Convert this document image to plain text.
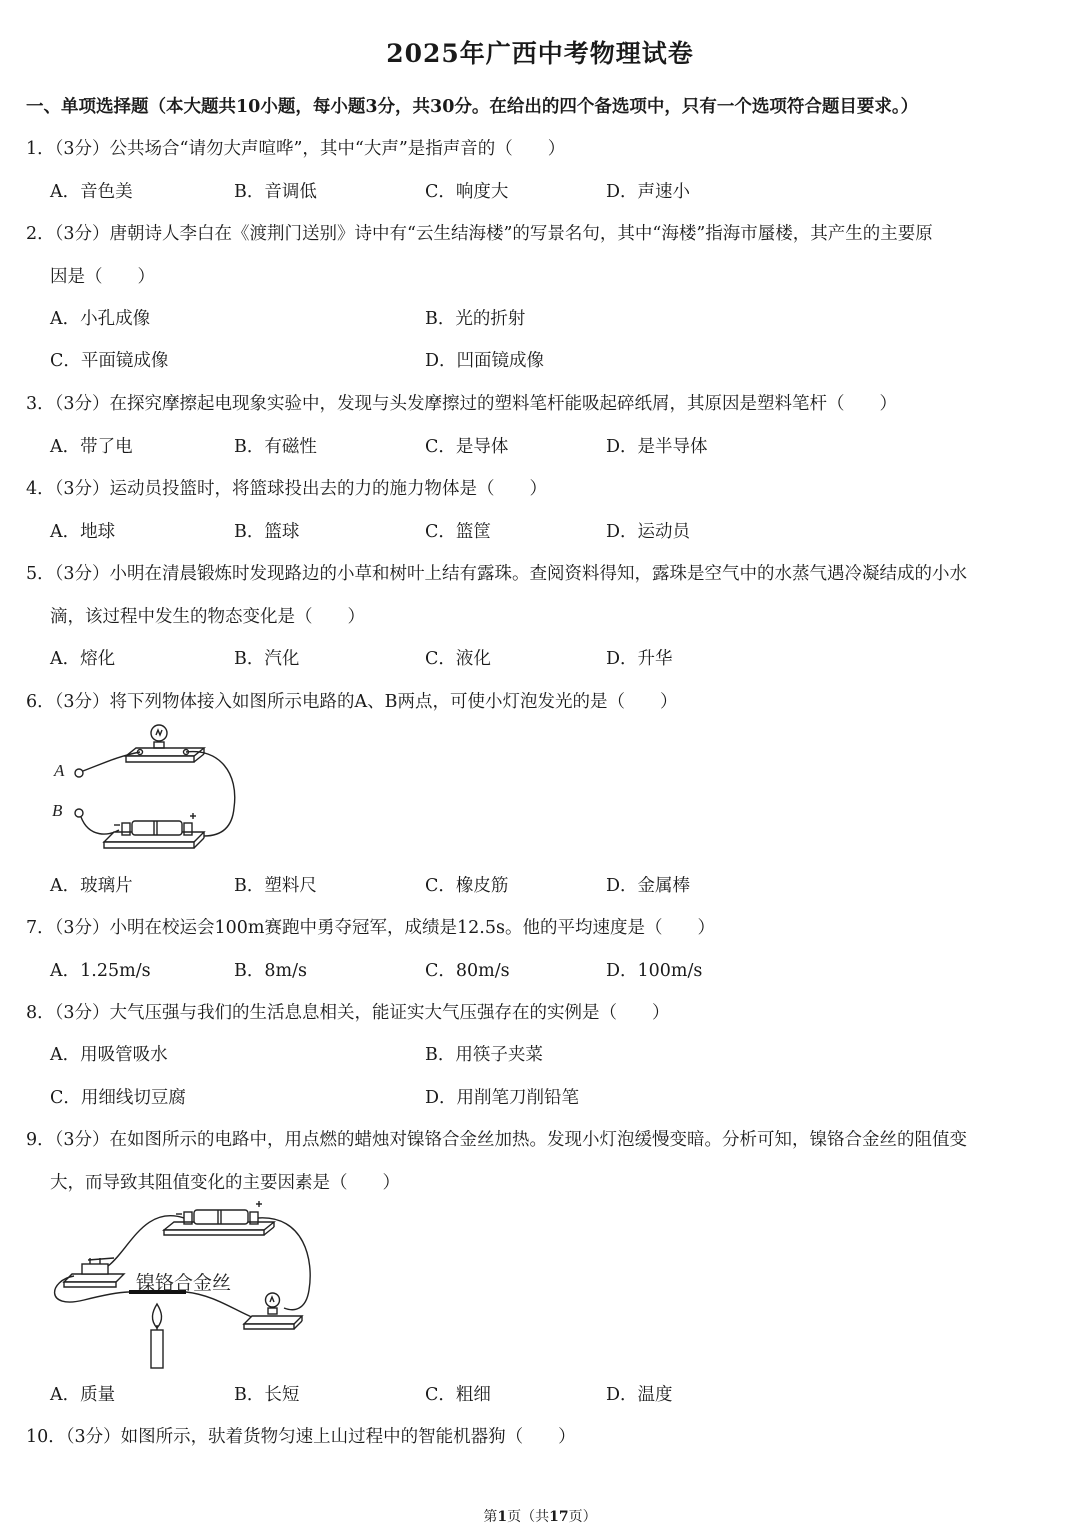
2025年广西中考物理试卷
一、单项选择题（本大题共10小题，每小题3分，共30分。在给出的四个备选项中，只有一个选项符合题目要求。）
1．（3分）公共场合“请勿大声喧哗”，其中“大声”是指声音的（　　）
A．音色美	B．音调低	C．响度大	D．声速小
2．（3分）唐朝诗人李白在《渡荆门送别》诗中有“云生结海楼”的写景名句，其中“海楼”指海市蜃楼，其产生的主要原
因是（　　）
A．小孔成像	B．光的折射
C．平面镜成像	D．凹面镜成像
3．（3分）在探究摩擦起电现象实验中，发现与头发摩擦过的塑料笔杆能吸起碎纸屑，其原因是塑料笔杆（　　）
A．带了电	B．有磁性	C．是导体	D．是半导体
4．（3分）运动员投篮时，将篮球投出去的力的施力物体是（　　）
A．地球	B．篮球	C．篮筐	D．运动员
5．（3分）小明在清晨锻炼时发现路边的小草和树叶上结有露珠。查阅资料得知，露珠是空气中的水蒸气遇冷凝结成的小水
滴，该过程中发生的物态变化是（　　）
A．熔化	B．汽化	C．液化	D．升华
6．（3分）将下列物体接入如图所示电路的A、B两点，可使小灯泡发光的是（　　）
A
B
A．玻璃片	B．塑料尺	C．橡皮筋	D．金属棒
7．（3分）小明在校运会100m赛跑中勇夺冠军，成绩是12.5s。他的平均速度是（　　）
A．1.25m/s	B．8m/s	C．80m/s	D．100m/s
8．（3分）大气压强与我们的生活息息相关，能证实大气压强存在的实例是（　　）
A．用吸管吸水	B．用筷子夹菜
C．用细线切豆腐	D．用削笔刀削铅笔
9．（3分）在如图所示的电路中，用点燃的蜡烛对镍铬合金丝加热。发现小灯泡缓慢变暗。分析可知，镍铬合金丝的阻值变
大，而导致其阻值变化的主要因素是（　　）
镍铬合金丝
A．质量	B．长短	C．粗细	D．温度
10．（3分）如图所示，驮着货物匀速上山过程中的智能机器狗（　　）
第1页（共17页）
